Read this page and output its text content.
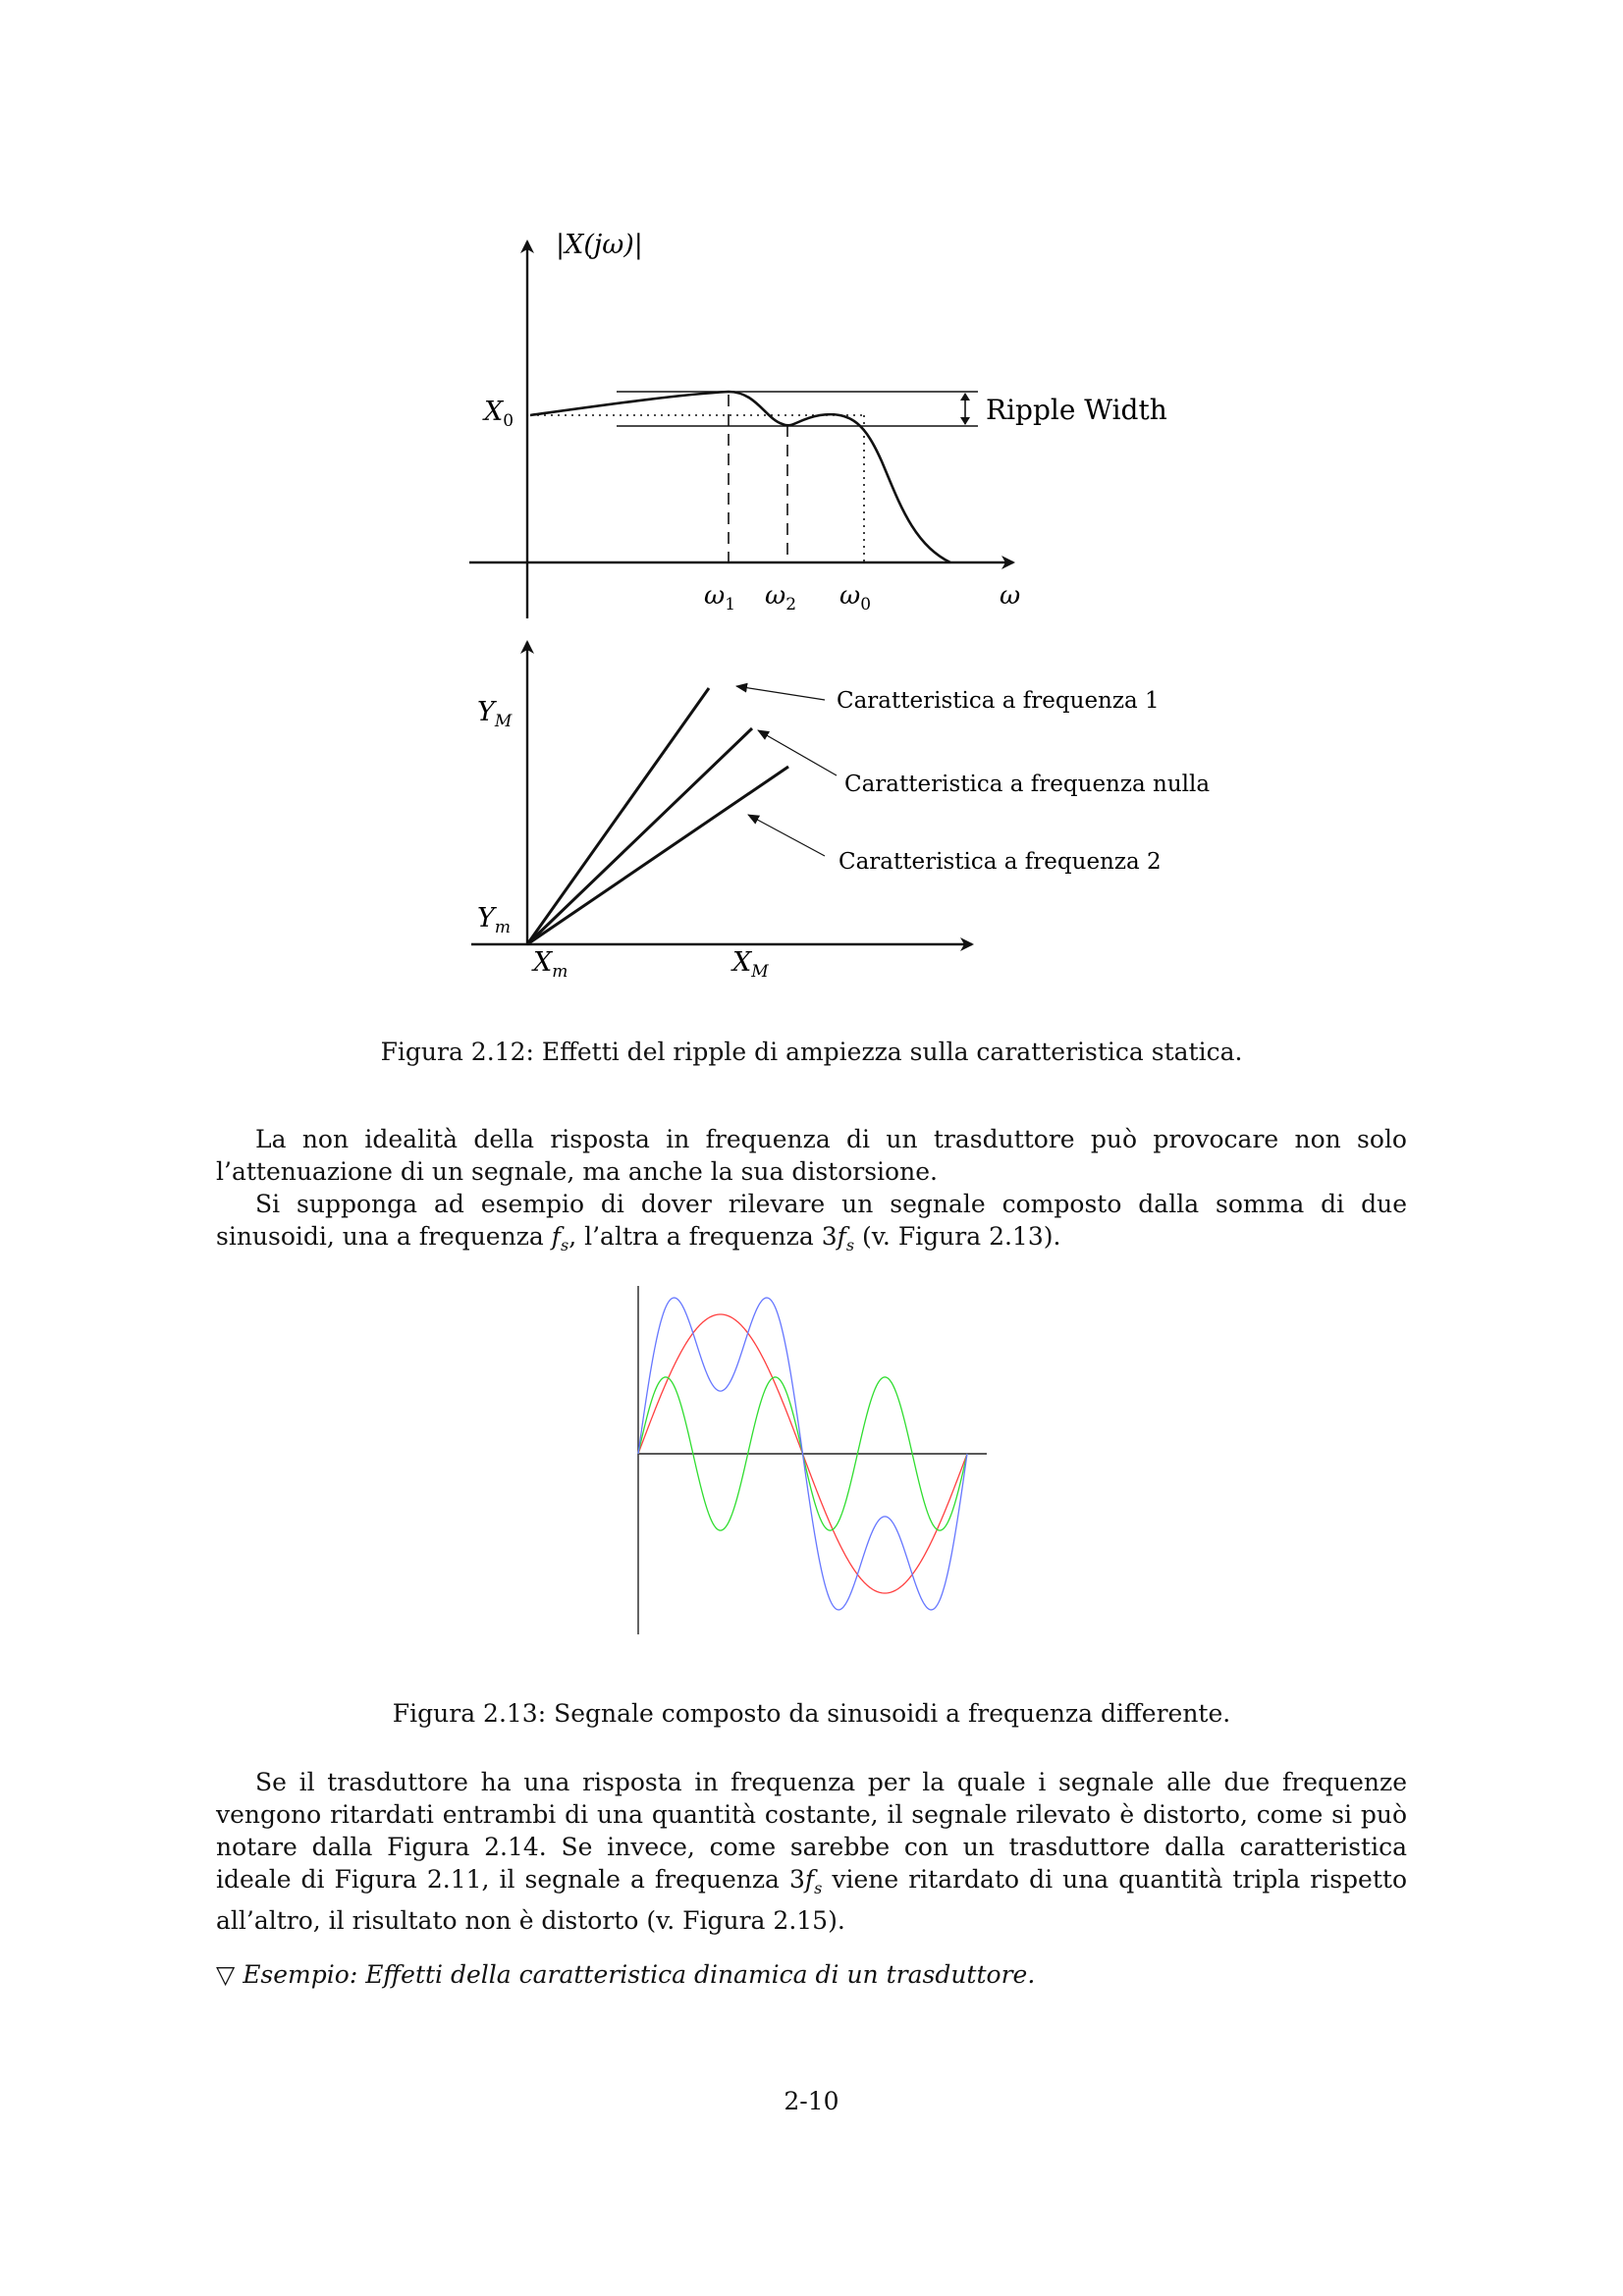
|X(jω)|
$X_0$	Ripple Width
$\omega_1$ $\omega_2$ $\omega_0$	ω
$Y_M$
$Y_m$
$X_m$	$X_M$
Caratteristica a frequenza 1
Caratteristica a frequenza nulla
Caratteristica a frequenza 2
Figura 2.12: Effetti del ripple di ampiezza sulla caratteristica statica.

La non idealità della risposta in frequenza di un trasduttore può provocare non solo l’attenuazione di un segnale, ma anche la sua distorsione.

Si supponga ad esempio di dover rilevare un segnale composto dalla somma di due sinusoidi, una a frequenza $f_s$, l’altra a frequenza $3f_s$ (v. Figura 2.13).

Figura 2.13: Segnale composto da sinusoidi a frequenza differente.

Se il trasduttore ha una risposta in frequenza per la quale i segnale alle due frequenze vengono ritardati entrambi di una quantità costante, il segnale rilevato è distorto, come si può notare dalla Figura 2.14. Se invece, come sarebbe con un trasduttore dalla caratteristica ideale di Figura 2.11, il segnale a frequenza $3f_s$ viene ritardato di una quantità tripla rispetto all’altro, il risultato non è distorto (v. Figura 2.15).

▽ Esempio: Effetti della caratteristica dinamica di un trasduttore.
2-10
